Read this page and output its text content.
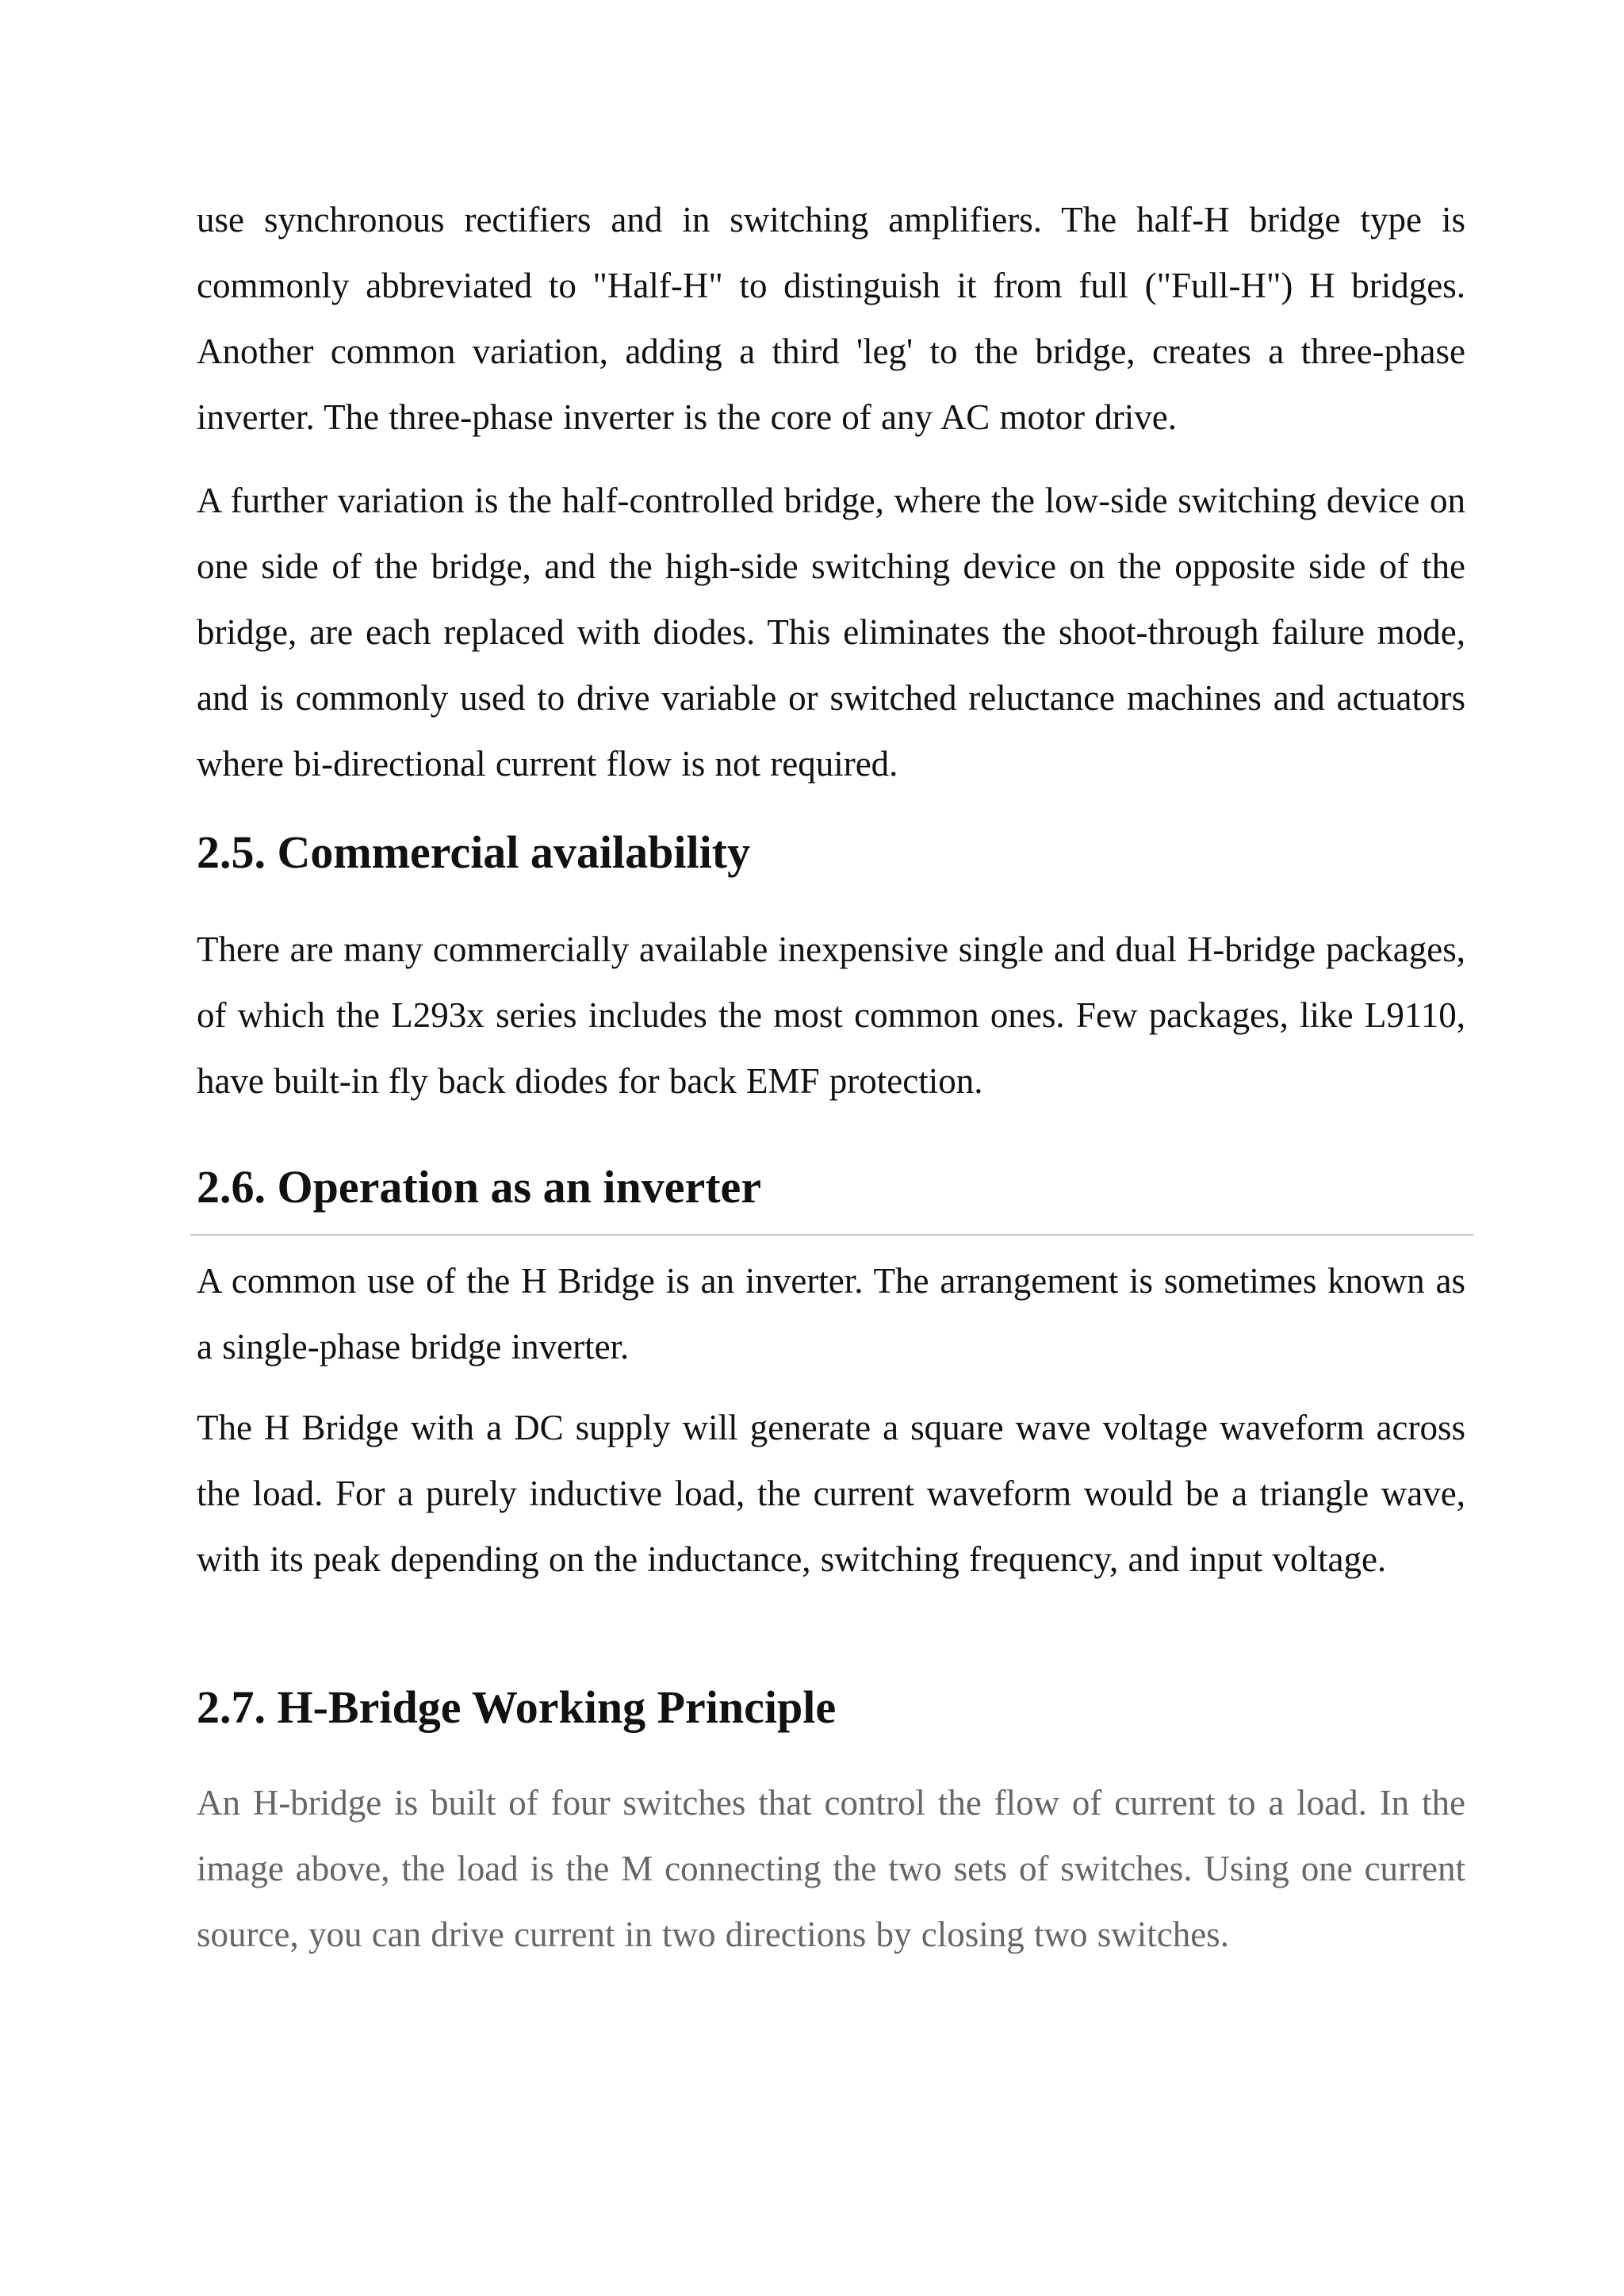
use synchronous rectifiers and in switching amplifiers. The half-H bridge type is commonly abbreviated to "Half-H" to distinguish it from full ("Full-H") H bridges. Another common variation, adding a third 'leg' to the bridge, creates a three-phase inverter. The three-phase inverter is the core of any AC motor drive.

A further variation is the half-controlled bridge, where the low-side switching device on one side of the bridge, and the high-side switching device on the opposite side of the bridge, are each replaced with diodes. This eliminates the shoot-through failure mode, and is commonly used to drive variable or switched reluctance machines and actuators where bi-directional current flow is not required.

2.5. Commercial availability

There are many commercially available inexpensive single and dual H-bridge packages, of which the L293x series includes the most common ones. Few packages, like L9110, have built-in fly back diodes for back EMF protection.

2.6. Operation as an inverter

A common use of the H Bridge is an inverter. The arrangement is sometimes known as a single-phase bridge inverter.

The H Bridge with a DC supply will generate a square wave voltage waveform across the load. For a purely inductive load, the current waveform would be a triangle wave, with its peak depending on the inductance, switching frequency, and input voltage.

2.7. H-Bridge Working Principle

An H-bridge is built of four switches that control the flow of current to a load. In the image above, the load is the M connecting the two sets of switches. Using one current source, you can drive current in two directions by closing two switches.
